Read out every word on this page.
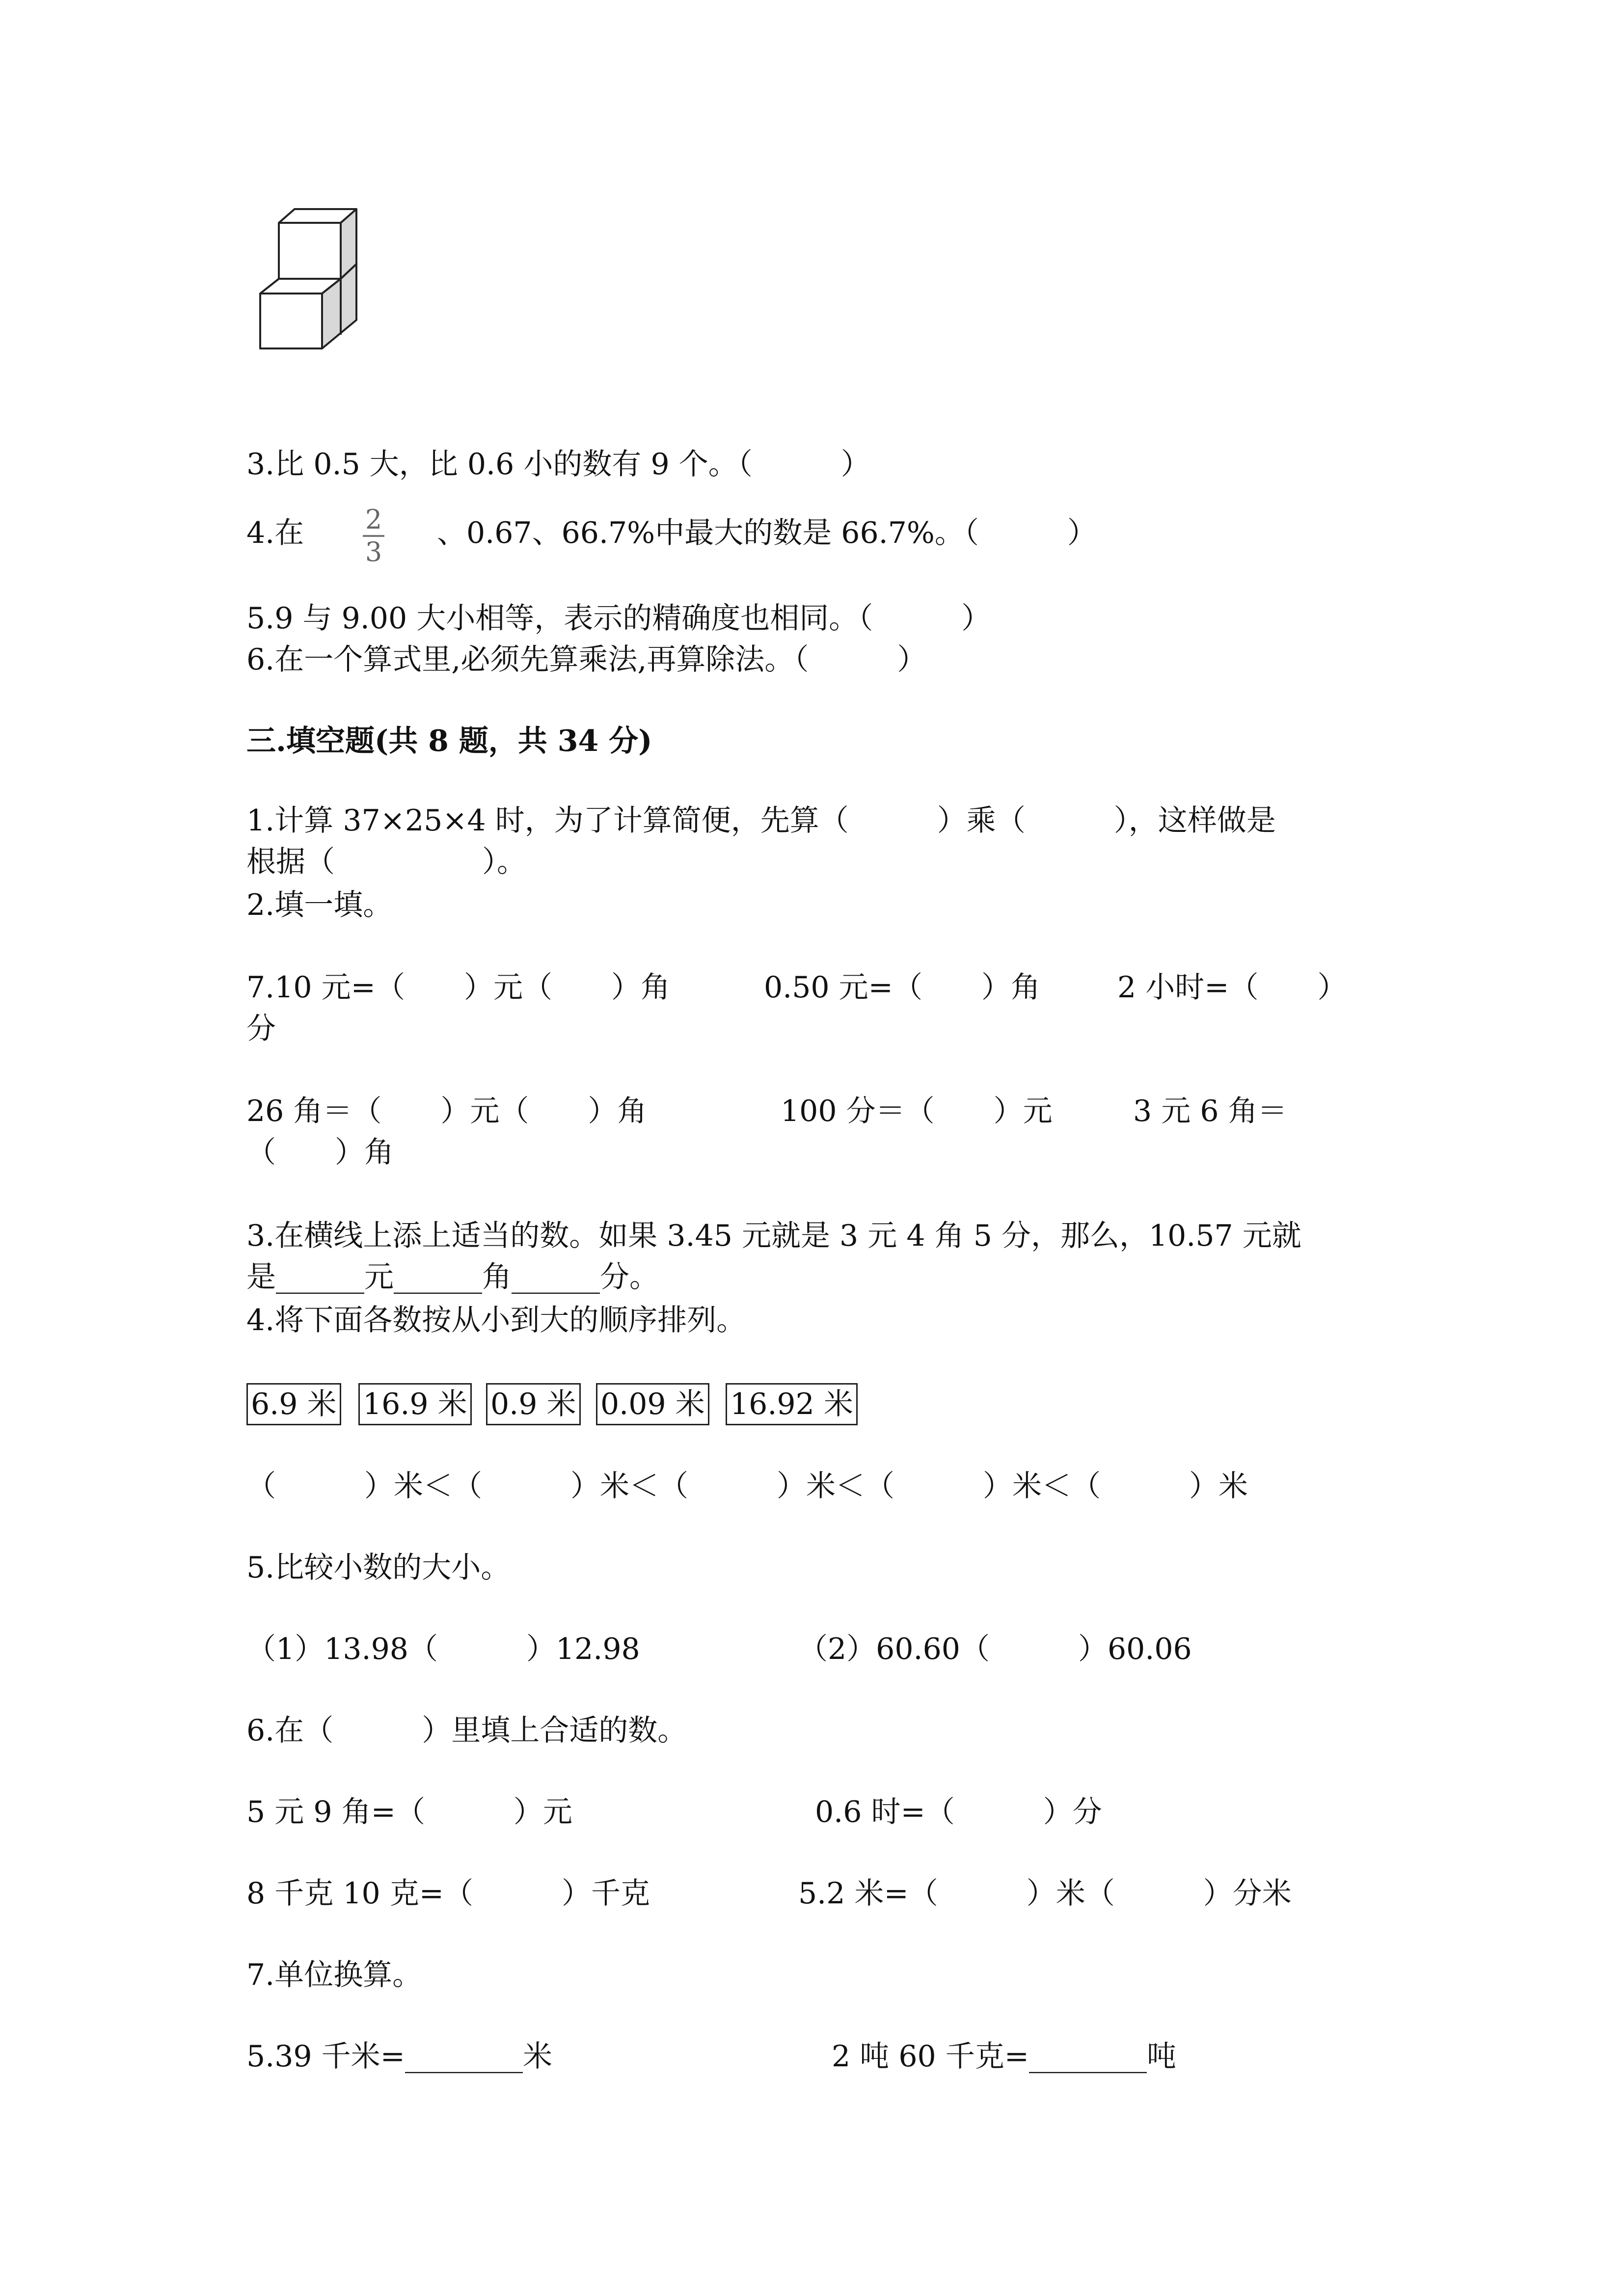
3.比 0.5 大，比 0.6 小的数有 9 个。（　　　）
4.在	2
3
、0.67、66.7%中最大的数是 66.7%。（　　　）
5.9 与 9.00 大小相等，表示的精确度也相同。（　　　）
6.在一个算式里,必须先算乘法,再算除法。（　　　）
三.填空题(共 8 题，共 34 分)
1.计算 37×25×4 时，为了计算简便，先算（　　　）乘（　　　），这样做是
根据（　　　　　）。
2.填一填。
7.10 元=（　　）元（　　）角	0.50 元=（　　）角	2 小时=（　　）
分
26 角＝（　　）元（　　）角	100 分＝（　　）元	3 元 6 角＝
（　　）角
3.在横线上添上适当的数。如果 3.45 元就是 3 元 4 角 5 分，那么，10.57 元就
是______元______角______分。
4.将下面各数按从小到大的顺序排列。
6.9 米 16.9 米 0.9 米 0.09 米 16.92 米
（　　　）米＜（　　　）米＜（　　　）米＜（　　　）米＜（　　　）米
5.比较小数的大小。
（1）13.98（　　　）12.98	（2）60.60（　　　）60.06
6.在（　　　）里填上合适的数。
5 元 9 角=（　　　）元	0.6 时=（　　　）分
8 千克 10 克=（　　　）千克	5.2 米=（　　　）米（　　　）分米
7.单位换算。
5.39 千米=________米	2 吨 60 千克=________吨
